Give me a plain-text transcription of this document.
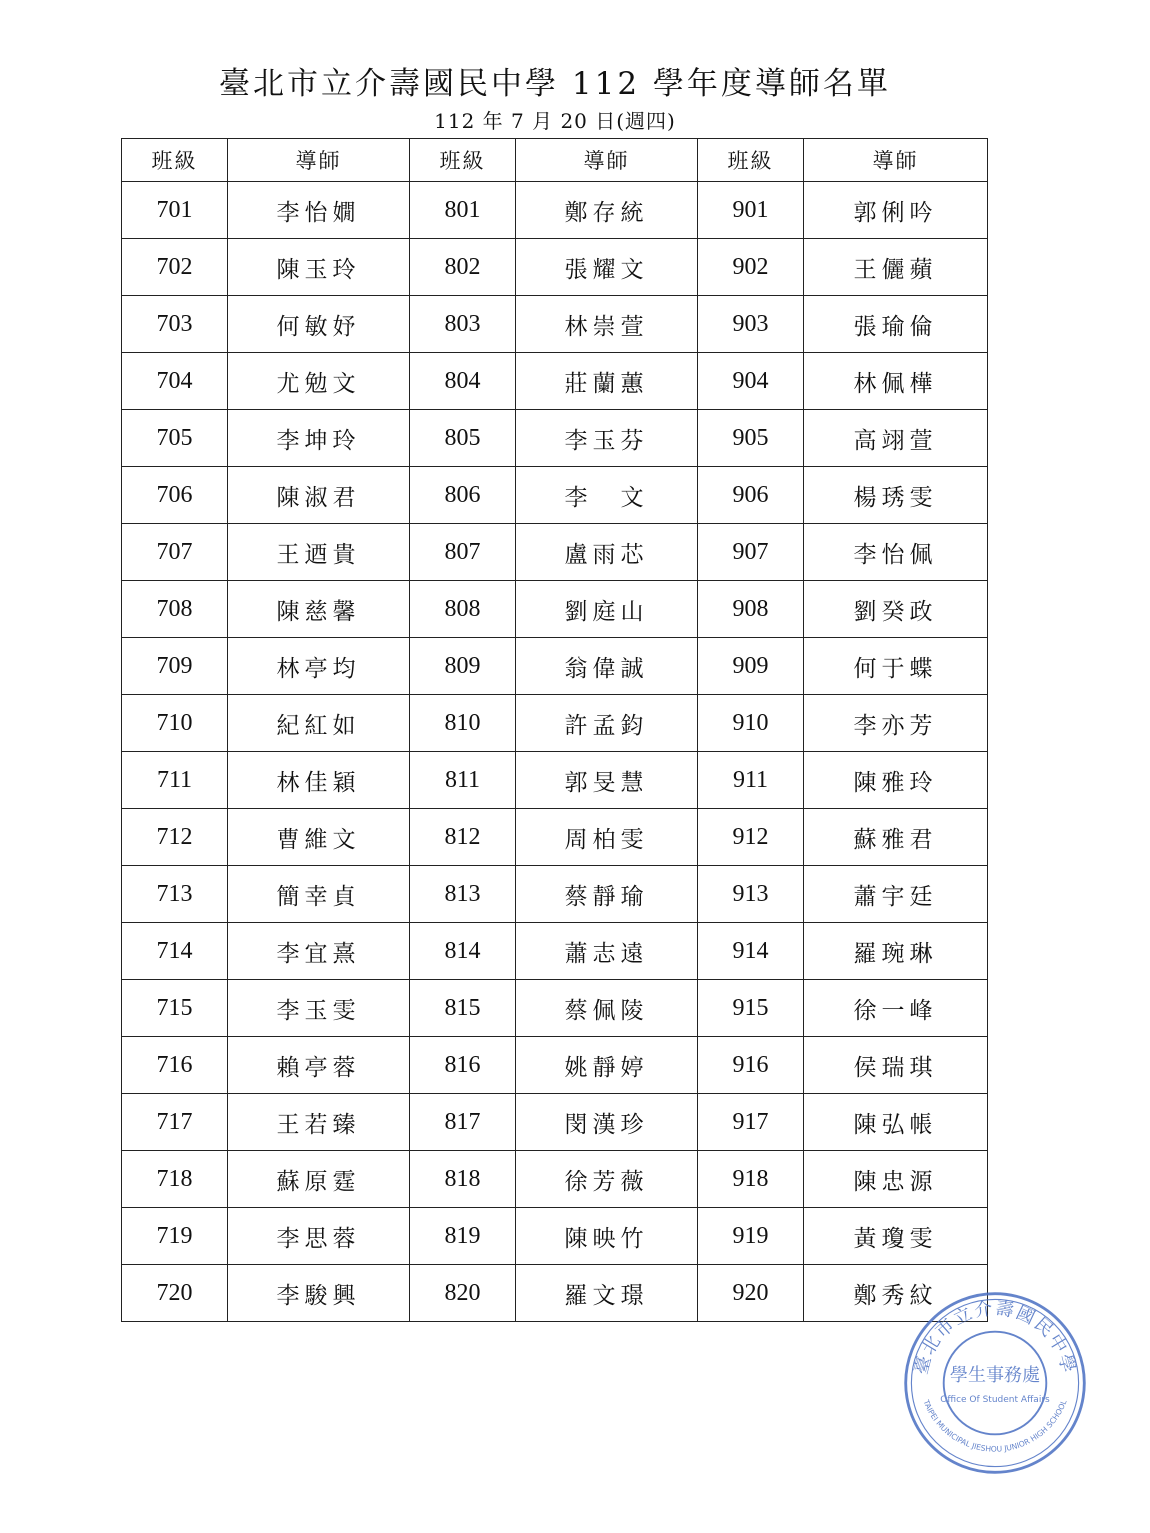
臺北市立介壽國民中學 112 學年度導師名單
112 年 7 月 20 日(週四)
班級	導師	班級	導師	班級	導師
701	李怡嫺	801	鄭存統	901	郭俐吟
702	陳玉玲	802	張耀文	902	王儷蘋
703	何敏妤	803	林崇萱	903	張瑜倫
704	尤勉文	804	莊蘭蕙	904	林佩樺
705	李坤玲	805	李玉芬	905	高翊萱
706	陳淑君	806	李　文	906	楊琇雯
707	王迺貴	807	盧雨芯	907	李怡佩
708	陳慈馨	808	劉庭山	908	劉癸政
709	林亭均	809	翁偉誠	909	何于蝶
710	紀紅如	810	許孟鈞	910	李亦芳
711	林佳穎	811	郭旻慧	911	陳雅玲
712	曹維文	812	周柏雯	912	蘇雅君
713	簡幸貞	813	蔡靜瑜	913	蕭宇廷
714	李宜熹	814	蕭志遠	914	羅琬琳
715	李玉雯	815	蔡佩陵	915	徐一峰
716	賴亭蓉	816	姚靜婷	916	侯瑞琪
717	王若臻	817	閔漢珍	917	陳弘帳
718	蘇原霆	818	徐芳薇	918	陳忠源
719	李思蓉	819	陳映竹	919	黃瓊雯
720	李駿興	820	羅文璟	920	鄭秀紋
臺北市立介壽國民中學
TAIPEI MUNICIPAL JIESHOU JUNIOR HIGH SCHOOL
學生事務處
Office Of Student Affairs
